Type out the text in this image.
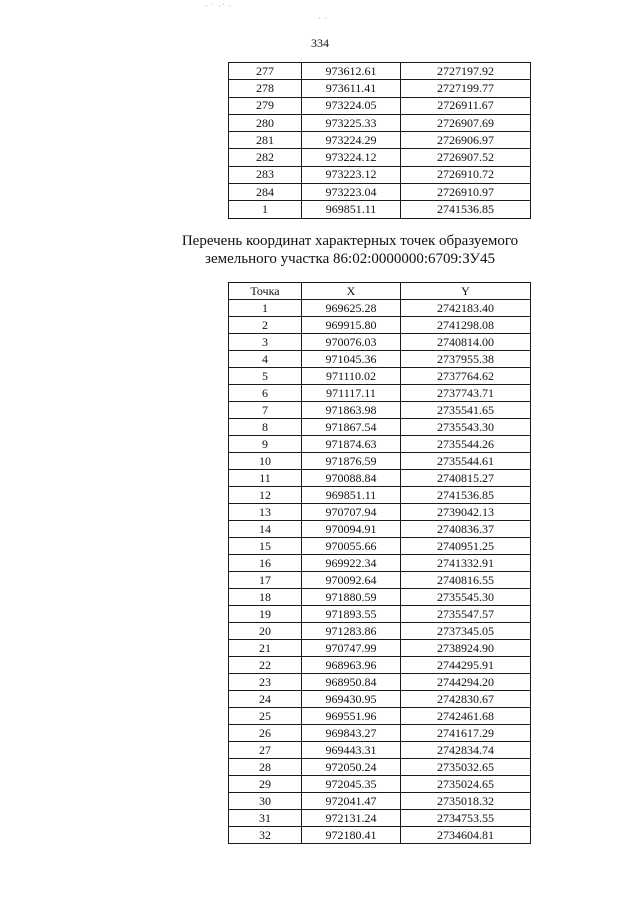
· ˙ ·˙ ·
· ·
334
277	973612.61	2727197.92
278	973611.41	2727199.77
279	973224.05	2726911.67
280	973225.33	2726907.69
281	973224.29	2726906.97
282	973224.12	2726907.52
283	973223.12	2726910.72
284	973223.04	2726910.97
1	969851.11	2741536.85
Перечень координат характерных точек образуемого
земельного участка 86:02:0000000:6709:ЗУ45
Точка	X	Y
1	969625.28	2742183.40
2	969915.80	2741298.08
3	970076.03	2740814.00
4	971045.36	2737955.38
5	971110.02	2737764.62
6	971117.11	2737743.71
7	971863.98	2735541.65
8	971867.54	2735543.30
9	971874.63	2735544.26
10	971876.59	2735544.61
11	970088.84	2740815.27
12	969851.11	2741536.85
13	970707.94	2739042.13
14	970094.91	2740836.37
15	970055.66	2740951.25
16	969922.34	2741332.91
17	970092.64	2740816.55
18	971880.59	2735545.30
19	971893.55	2735547.57
20	971283.86	2737345.05
21	970747.99	2738924.90
22	968963.96	2744295.91
23	968950.84	2744294.20
24	969430.95	2742830.67
25	969551.96	2742461.68
26	969843.27	2741617.29
27	969443.31	2742834.74
28	972050.24	2735032.65
29	972045.35	2735024.65
30	972041.47	2735018.32
31	972131.24	2734753.55
32	972180.41	2734604.81
